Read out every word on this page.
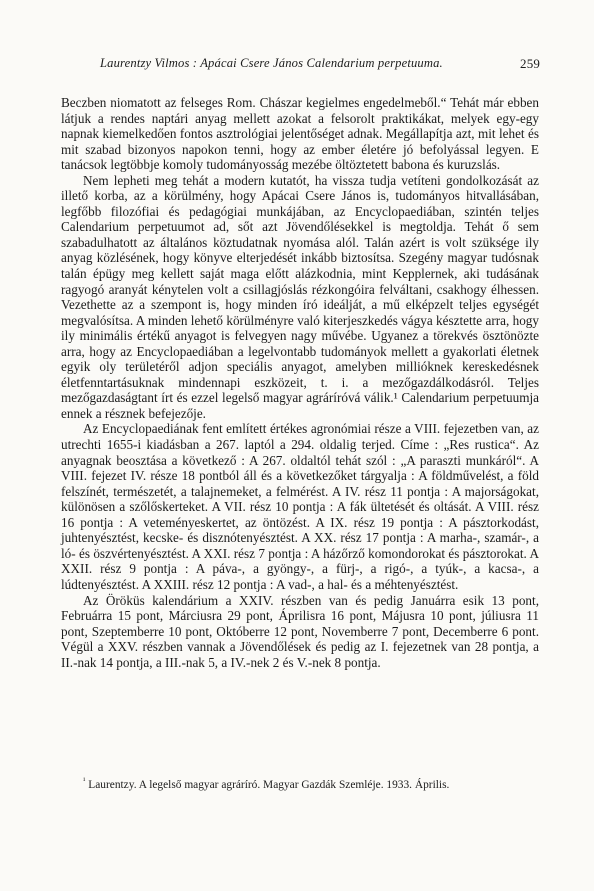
Laurentzy Vilmos : Apácai Csere János Calendarium perpetuuma.	259

Beczben niomatott az felseges Rom. Chászar kegielmes engedelmeből.“ Tehát már ebben látjuk a rendes naptári anyag mellett azokat a felsorolt praktikákat, melyek egy-egy napnak kiemelkedően fontos asztrológiai jelentőséget adnak. Megállapítja azt, mit lehet és mit szabad bizonyos napokon tenni, hogy az ember életére jó befolyással legyen. E tanácsok legtöbbje komoly tudományosság mezébe öltöztetett babona és kuruzslás.

Nem lepheti meg tehát a modern kutatót, ha vissza tudja vetíteni gondolkozását az illető korba, az a körülmény, hogy Apácai Csere János is, tudományos hitvallásában, legfőbb filozófiai és pedagógiai munkájában, az Encyclopaediában, szintén teljes Calendarium perpetuumot ad, sőt azt Jövendőlésekkel is megtoldja. Tehát ő sem szabadulhatott az általános köztudatnak nyomása alól. Talán azért is volt szüksége ily anyag közlésének, hogy könyve elterjedését inkább biztosítsa. Szegény magyar tudósnak talán épügy meg kellett saját maga előtt alázkodnia, mint Kepplernek, aki tudásának ragyogó aranyát kénytelen volt a csillagjóslás rézkongóira felváltani, csakhogy élhessen. Vezethette az a szempont is, hogy minden író ideálját, a mű elképzelt teljes egységét megvalósítsa. A minden lehető körülményre való kiterjeszkedés vágya késztette arra, hogy ily minimális értékű anyagot is felvegyen nagy művébe. Ugyanez a törekvés ösztönözte arra, hogy az Encyclopaediában a legelvontabb tudományok mellett a gyakorlati életnek egyik oly területéről adjon speciális anyagot, amelyben millióknek kereskedésnek életfenntartásuknak mindennapi eszközeit, t. i. a mezőgazdálkodásról. Teljes mezőgazdaságtant írt és ezzel legelső magyar agráríróvá válik.¹ Calendarium perpetuumja ennek a résznek befejezője.

Az Encyclopaediának fent említett értékes agronómiai része a VIII. fejezetben van, az utrechti 1655-i kiadásban a 267. laptól a 294. oldalig terjed. Címe : „Res rustica“. Az anyagnak beosztása a következő : A 267. oldaltól tehát szól : „A paraszti munkáról“. A VIII. fejezet IV. része 18 pontból áll és a következőket tárgyalja : A földművelést, a föld felszínét, természetét, a talajnemeket, a felmérést. A IV. rész 11 pontja : A majorságokat, különösen a szőlőskerteket. A VII. rész 10 pontja : A fák ültetését és oltását. A VIII. rész 16 pontja : A veteményeskertet, az öntözést. A IX. rész 19 pontja : A pásztorkodást, juhtenyésztést, kecske- és disznótenyésztést. A XX. rész 17 pontja : A marha-, szamár-, a ló- és öszvértenyésztést. A XXI. rész 7 pontja : A házőrző komondorokat és pásztorokat. A XXII. rész 9 pontja : A páva-, a gyöngy-, a fürj-, a rigó-, a tyúk-, a kacsa-, a lúdtenyésztést. A XXIII. rész 12 pontja : A vad-, a hal- és a méhtenyésztést.

Az Öröküs kalendárium a XXIV. részben van és pedig Januárra esik 13 pont, Februárra 15 pont, Márciusra 29 pont, Áprilisra 16 pont, Májusra 10 pont, júliusra 11 pont, Szeptemberre 10 pont, Októberre 12 pont, Novemberre 7 pont, Decemberre 6 pont. Végül a XXV. részben vannak a Jövendőlések és pedig az I. fejezetnek van 28 pontja, a II.-nak 14 pontja, a III.-nak 5, a IV.-nek 2 és V.-nek 8 pontja.

$^{^1}$ Laurentzy. A legelső magyar agráríró. Magyar Gazdák Szemléje. 1933. Április.
